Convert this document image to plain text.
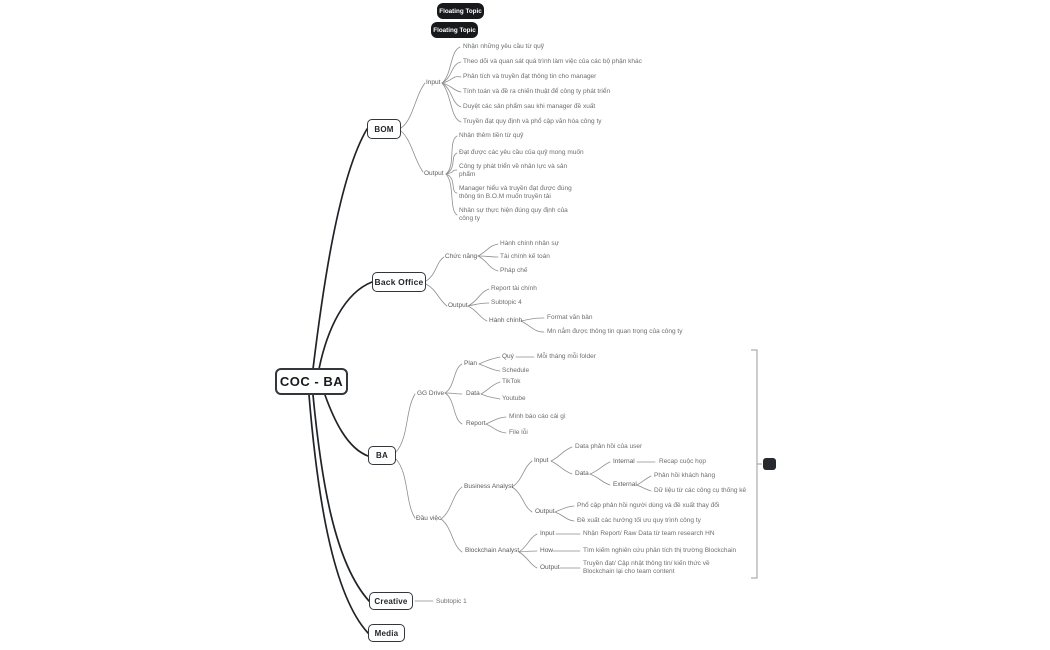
Floating Topic
Floating Topic
COC - BA
BOM
Back Office
BA
Creative
Media
Input
Nhận những yêu cầu từ quỹ
Theo dõi và quan sát quá trình làm việc của các bộ phận khác
Phân tích và truyền đạt thông tin cho manager
Tính toán và đề ra chiến thuật để công ty phát triển
Duyệt các sản phẩm sau khi manager đề xuất
Truyền đạt quy định và phổ cập văn hóa công ty
Output
Nhận thêm tiền từ quỹ
Đạt được các yêu cầu của quỹ mong muốn
Công ty phát triển về nhân lực và sản phẩm
Manager hiểu và truyền đạt được đúng thông tin B.O.M muốn truyền tải
Nhân sự thực hiện đúng quy định của công ty
Chức năng
Hành chính nhân sự
Tài chính kế toán
Pháp chế
Output
Report tài chính
Subtopic 4
Hành chính	Format văn bản
Mn nắm được thông tin quan trọng của công ty
GG Drive
Plan
Quý	Mỗi tháng mỗi folder
Schedule
Data
TikTok
Youtube
Report
Mình báo cáo cái gì
File lỗi
Đầu việc
Business Analyst
Input
Data phản hồi của user
Data
Internal	Recap cuộc họp
External
Phản hồi khách hàng
Dữ liệu từ các công cụ thống kê
Output
Phổ cập phản hồi người dùng và đề xuất thay đổi
Đề xuất các hướng tối ưu quy trình công ty
Blockchain Analyst
Input	Nhận Report/ Raw Data từ team research HN
How	Tìm kiếm nghiên cứu phân tích thị trường Blockchain
Output
Truyền đạt/ Cập nhật thông tin/ kiến thức về Blockchain lại cho team content
Subtopic 1
